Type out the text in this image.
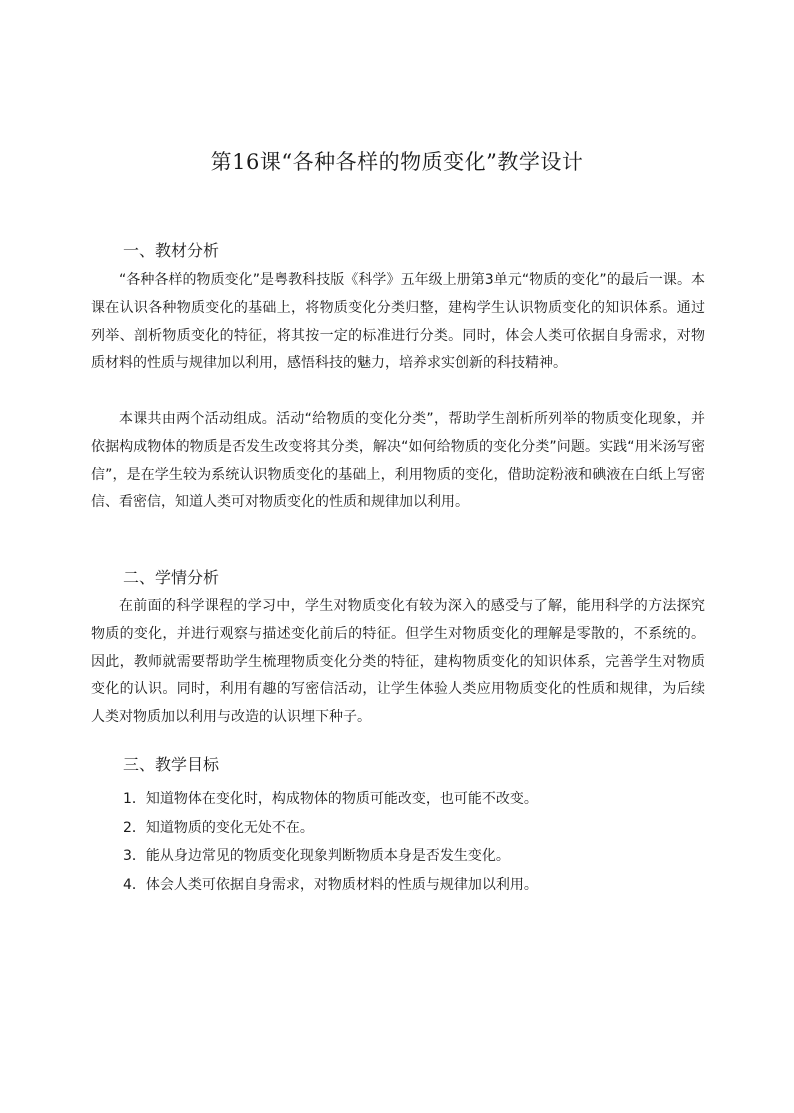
第16课“各种各样的物质变化”教学设计
一、教材分析

“各种各样的物质变化”是粤教科技版《科学》五年级上册第3单元“物质的变化”的最后一课。本课在认识各种物质变化的基础上，将物质变化分类归整，建构学生认识物质变化的知识体系。通过列举、剖析物质变化的特征，将其按一定的标准进行分类。同时，体会人类可依据自身需求，对物质材料的性质与规律加以利用，感悟科技的魅力，培养求实创新的科技精神。

本课共由两个活动组成。活动“给物质的变化分类”，帮助学生剖析所列举的物质变化现象，并依据构成物体的物质是否发生改变将其分类，解决“如何给物质的变化分类”问题。实践“用米汤写密信”，是在学生较为系统认识物质变化的基础上，利用物质的变化，借助淀粉液和碘液在白纸上写密信、看密信，知道人类可对物质变化的性质和规律加以利用。

二、学情分析

在前面的科学课程的学习中，学生对物质变化有较为深入的感受与了解，能用科学的方法探究物质的变化，并进行观察与描述变化前后的特征。但学生对物质变化的理解是零散的，不系统的。因此，教师就需要帮助学生梳理物质变化分类的特征，建构物质变化的知识体系，完善学生对物质变化的认识。同时，利用有趣的写密信活动，让学生体验人类应用物质变化的性质和规律，为后续人类对物质加以利用与改造的认识埋下种子。

三、教学目标
1．知道物体在变化时，构成物体的物质可能改变，也可能不改变。
2．知道物质的变化无处不在。
3．能从身边常见的物质变化现象判断物质本身是否发生变化。
4．体会人类可依据自身需求，对物质材料的性质与规律加以利用。
